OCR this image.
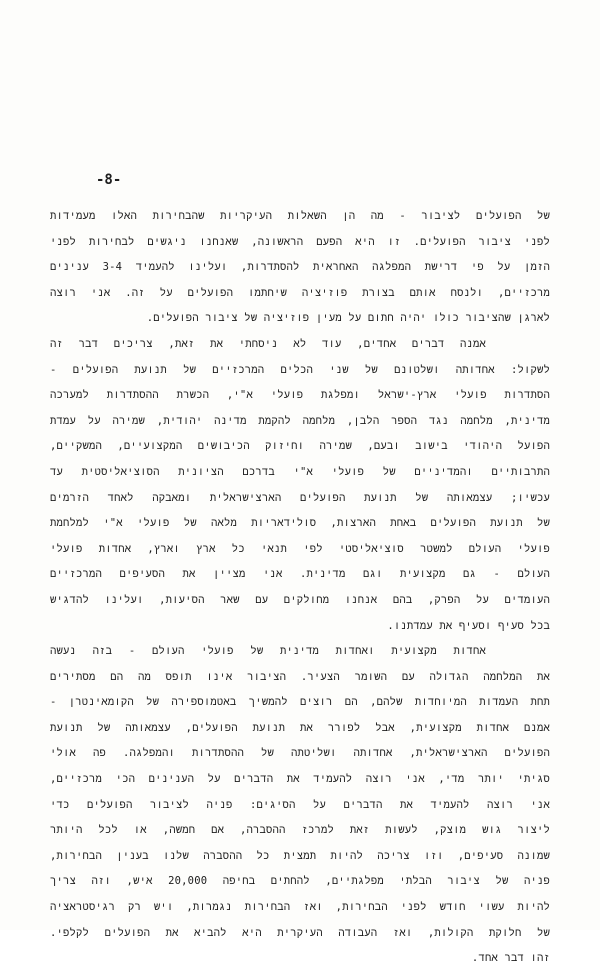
-8-
של הפועלים לציבור - מה הן השאלות העיקריות שהבחירות האלו מעמידות
לפני ציבור הפועלים. זו היא הפעם הראשונה, שאנחנו ניגשים לבחירות לפני
הזמן על פי דרישת המפלגה האחראית להסתדרות, ועלינו להעמיד 3-4 ענינים
מרכזיים, ולנסח אותם בצורת פוזיציה שיחתמו הפועלים על זה. אני רוצה
לארגן שהציבור כולו יהיה חתום על מעין פוזיציה של ציבור הפועלים.
אמנה דברים אחדים, עוד לא ניסחתי את זאת, צריכים דבר זה
לשקול: אחדותה ושלטונם של שני הכלים המרכזיים של תנועת הפועלים -
הסתדרות פועלי ארץ-ישראל ומפלגת פועלי א"י, הכשרת ההסתדרות למערכה
מדינית, מלחמה נגד הספר הלבן, מלחמה להקמת מדינה יהודית, שמירה על עמדת
הפועל היהודי בישוב ובעם, שמירה וחיזוק הכיבושים המקצועיים, המשקיים,
התרבותיים והמדיניים של פועלי א"י בדרכם הציונית הסוציאליסטית עד
עכשיו; עצמאותה של תנועת הפועלים הארצישראלית ומאבקה לאחד הזרמים
של תנועת הפועלים באחת הארצות, סולידאריות מלאה של פועלי א"י למלחמת
פועלי העולם למשטר סוציאליסטי לפי תנאי כל ארץ וארץ, אחדות פועלי
העולם - גם מקצועית וגם מדינית. אני מציין את הסעיפים המרכזיים
העומדים על הפרק, בהם אנחנו מחולקים עם שאר הסיעות, ועלינו להדגיש
בכל סעיף וסעיף את עמדתנו.
אחדות מקצועית ואחדות מדינית של פועלי העולם - בזה נעשה
את המלחמה הגדולה עם השומר הצעיר. הציבור אינו תופס מה הם מסתירים
תחת העמדות המיוחדות שלהם, הם רוצים להמשיך באטמוספירה של הקומאינטרן -
אמנם אחדות מקצועית, אבל לפורר את תנועת הפועלים, עצמאותה של תנועת
הפועלים הארצישראלית, אחדותה ושליטתה של ההסתדרות והמפלגה. פה אולי
סגיתי יותר מדי, אני רוצה להעמיד את הדברים על הענינים הכי מרכזיים,
אני רוצה להעמיד את הדברים על הסיגים: פניה לציבור הפועלים כדי
ליצור גוש מוצק, לעשות זאת למרכז ההסברה, אם חמשה, או לכל היותר
שמונה סעיפים, וזו צריכה להיות תמצית כל ההסברה שלנו בענין הבחירות,
פניה של ציבור הבלתי מפלגתיים, להחתים בחיפה 20,000 איש, וזה צריך
להיות עשוי חודש לפני הבחירות, ואז הבחירות נגמרות, ויש רק רגיסטראציה
של חלוקת הקולות, ואז העבודה העיקרית היא להביא את הפועלים לקלפי.
זהו דבר אחד.
